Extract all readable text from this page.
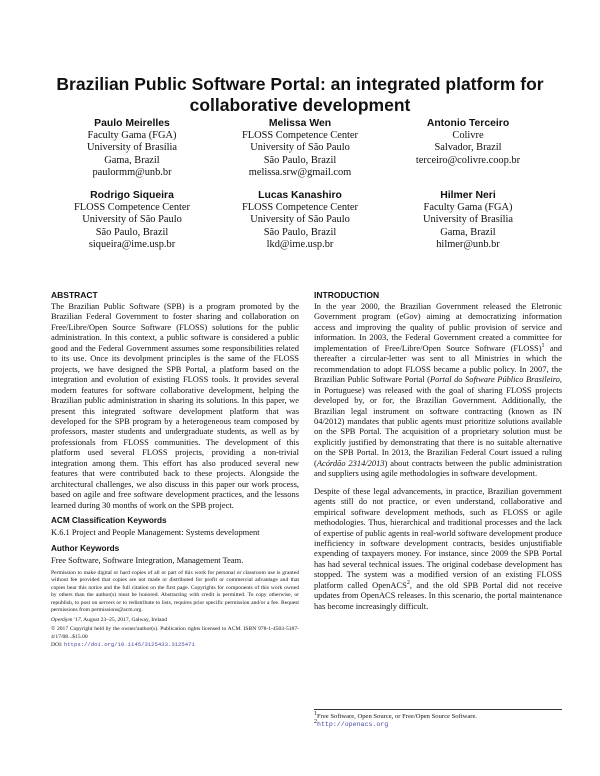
Brazilian Public Software Portal: an integrated platform for collaborative development
Paulo Meirelles
Faculty Gama (FGA)
University of Brasília
Gama, Brazil
paulormm@unb.br
Melissa Wen
FLOSS Competence Center
University of São Paulo
São Paulo, Brazil
melissa.srw@gmail.com
Antonio Terceiro
Colivre
Salvador, Brazil
terceiro@colivre.coop.br
Rodrigo Siqueira
FLOSS Competence Center
University of São Paulo
São Paulo, Brazil
siqueira@ime.usp.br
Lucas Kanashiro
FLOSS Competence Center
University of São Paulo
São Paulo, Brazil
lkd@ime.usp.br
Hilmer Neri
Faculty Gama (FGA)
University of Brasília
Gama, Brazil
hilmer@unb.br
ABSTRACT

The Brazilian Public Software (SPB) is a program promoted by the Brazilian Federal Government to foster sharing and collaboration on Free/Libre/Open Source Software (FLOSS) solutions for the public administration. In this context, a public software is considered a public good and the Federal Government assumes some responsibilities related to its use. Once its devolpment principles is the same of the FLOSS projects, we have designed the SPB Portal, a platform based on the integration and evolution of existing FLOSS tools. It provides several modern features for software collaborative development, helping the Brazilian public administration in sharing its solutions. In this paper, we present this integrated software development platform that was developed for the SPB program by a heterogeneous team composed by professors, master students and undergraduate students, as well as by professionals from FLOSS communities. The development of this platform used several FLOSS projects, providing a non-trivial integration among them. This effort has also produced several new features that were contributed back to these projects. Alongside the architectural challenges, we also discuss in this paper our work process, based on agile and free software development practices, and the lessons learned during 30 months of work on the SPB project.

ACM Classification Keywords

K.6.1 Project and People Management: Systems development

Author Keywords

Free Software, Software Integration, Management Team.

Permission to make digital or hard copies of all or part of this work for personal or classroom use is granted without fee provided that copies are not made or distributed for profit or commercial advantage and that copies bear this notice and the full citation on the first page. Copyrights for components of this work owned by others than the author(s) must be honored. Abstracting with credit is permitted. To copy otherwise, or republish, to post on servers or to redistribute to lists, requires prior specific permission and/or a fee. Request permissions from permissions@acm.org.

OpenSym '17, August 23–25, 2017, Galway, Ireland

© 2017 Copyright held by the owner/author(s). Publication rights licensed to ACM. ISBN 978-1-4503-5187-4/17/08...$15.00

DOI: https://doi.org/10.1145/3125433.3125471

INTRODUCTION

In the year 2000, the Brazilian Government released the Eletronic Government program (eGov) aiming at democratizing information access and improving the quality of public provision of service and information. In 2003, the Federal Government created a committee for implementation of Free/Libre/Open Source Software (FLOSS)$^1$ and thereafter a circular-letter was sent to all Ministries in which the recommendation to adopt FLOSS became a public policy. In 2007, the Brazilian Public Software Portal (Portal do Software Público Brasileiro, in Portuguese) was released with the goal of sharing FLOSS projects developed by, or for, the Brazilian Government. Additionally, the Brazilian legal instrument on software contracting (known as IN 04/2012) mandates that public agents must prioritize solutions available on the SPB Portal. The acquisition of a proprietary solution must be explicitly justified by demonstrating that there is no suitable alternative on the SPB Portal. In 2013, the Brazilian Federal Court issued a ruling (Acórdão 2314/2013) about contracts between the public administration and suppliers using agile methodologies in software development.

Despite of these legal advancements, in practice, Brazilian government agents still do not practice, or even understand, collaborative and empirical software development methods, such as FLOSS or agile methodologies. Thus, hierarchical and traditional processes and the lack of expertise of public agents in real-world software development produce inefficiency in software development contracts, besides unjustifiable expending of taxpayers money. For instance, since 2009 the SPB Portal has had several technical issues. The original codebase development has stopped. The system was a modified version of an existing FLOSS platform called OpenACS$^2$, and the old SPB Portal did not receive updates from OpenACS releases. In this scenario, the portal maintenance has become increasingly difficult.

$^1$Free Software, Open Source, or Free/Open Source Software.
$^2$http://openacs.org
